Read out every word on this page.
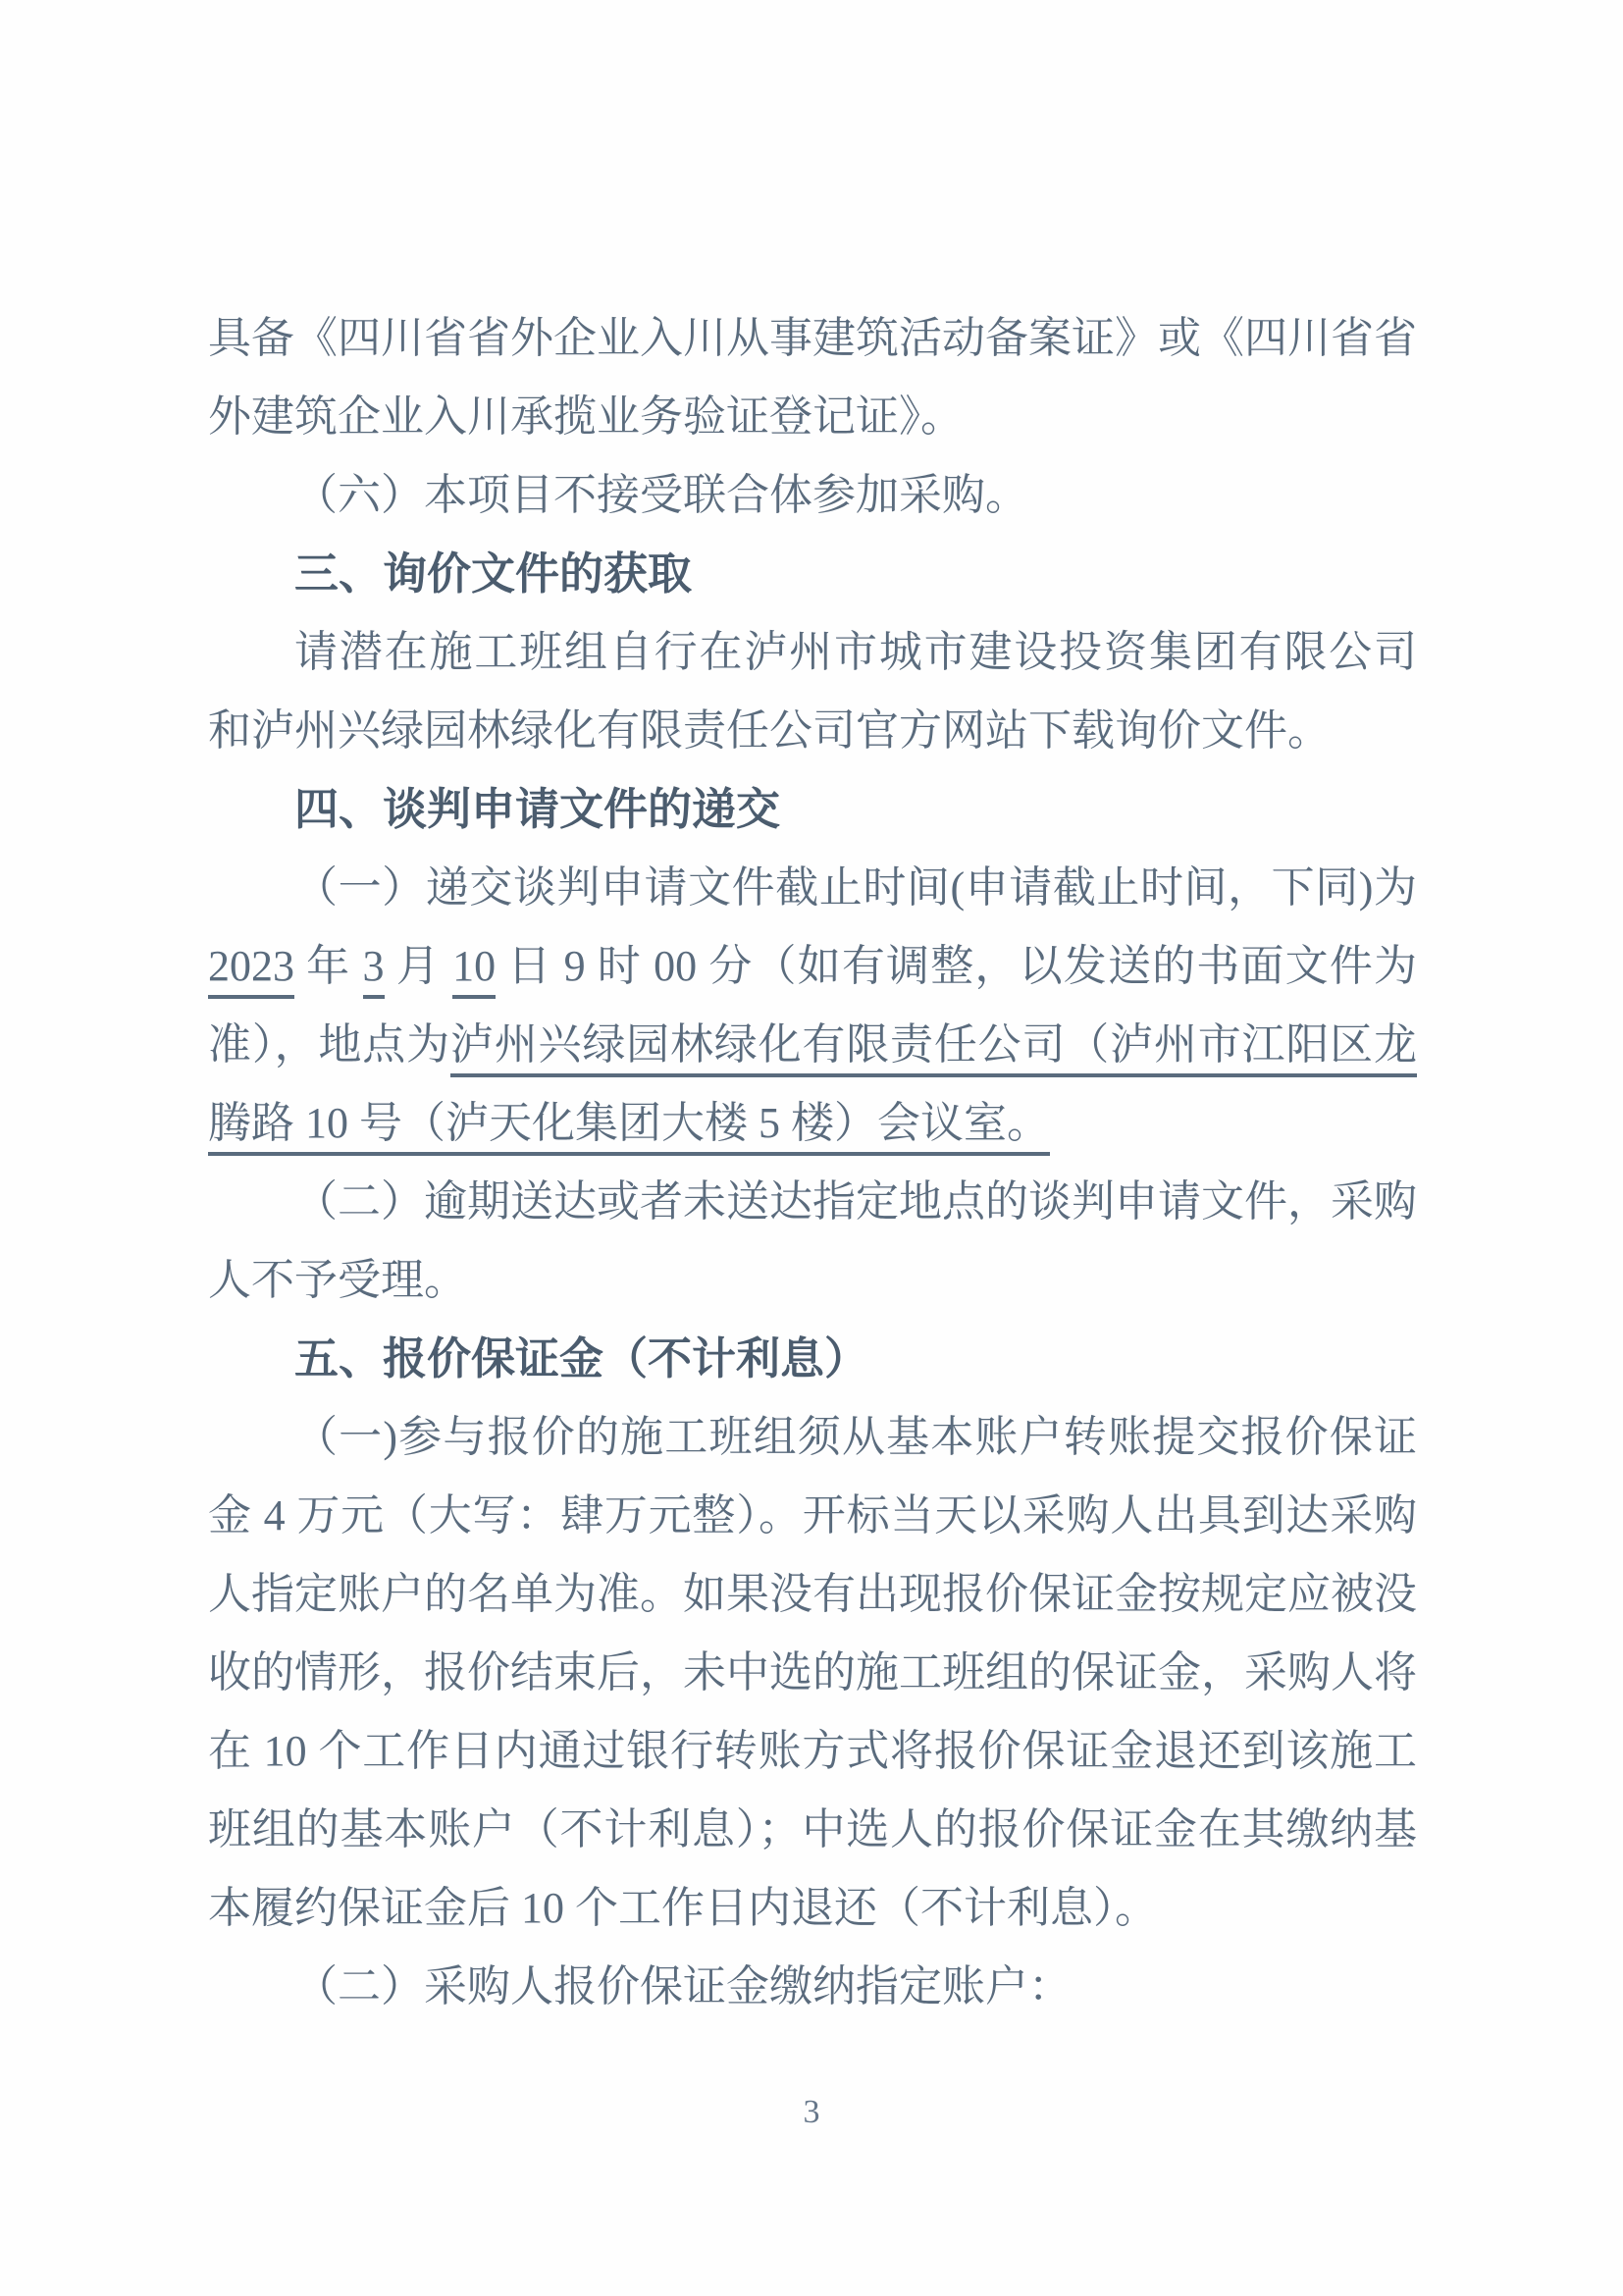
具备《四川省省外企业入川从事建筑活动备案证》或《四川省省
外建筑企业入川承揽业务验证登记证》。
（六）本项目不接受联合体参加采购。
三、询价文件的获取
请潜在施工班组自行在泸州市城市建设投资集团有限公司
和泸州兴绿园林绿化有限责任公司官方网站下载询价文件。
四、谈判申请文件的递交
（一）递交谈判申请文件截止时间(申请截止时间，下同)为
2023 年 3 月 10 日 9 时 00 分（如有调整，以发送的书面文件为
准），地点为泸州兴绿园林绿化有限责任公司（泸州市江阳区龙
腾路 10 号（泸天化集团大楼 5 楼）会议室。
（二）逾期送达或者未送达指定地点的谈判申请文件，采购
人不予受理。
五、报价保证金（不计利息）
（一)参与报价的施工班组须从基本账户转账提交报价保证
金 4 万元（大写：肆万元整）。开标当天以采购人出具到达采购
人指定账户的名单为准。如果没有出现报价保证金按规定应被没
收的情形，报价结束后，未中选的施工班组的保证金，采购人将
在 10 个工作日内通过银行转账方式将报价保证金退还到该施工
班组的基本账户（不计利息）；中选人的报价保证金在其缴纳基
本履约保证金后 10 个工作日内退还（不计利息）。
（二）采购人报价保证金缴纳指定账户：
3
